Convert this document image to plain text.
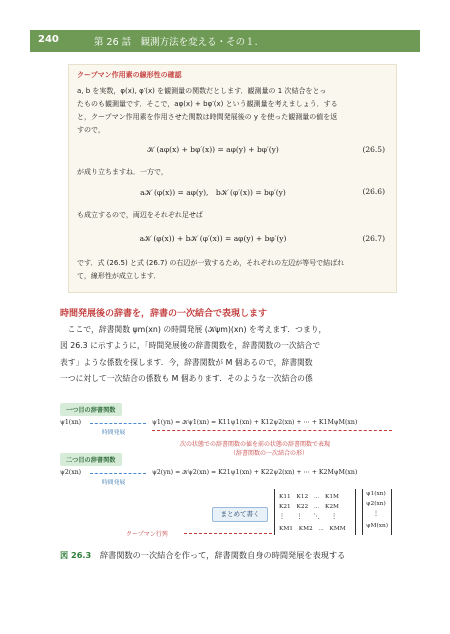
240	第 26 話　観測方法を変える・その１.

クープマン作用素の線形性の確認

a, b を実数，φ(x), φ′(x) を観測量の関数だとします．観測量の 1 次結合をとっ

たものも観測量です．そこで，aφ(x) + bφ′(x) という観測量を考えましょう．する

と，クープマン作用素を作用させた関数は時間発展後の y を使った観測量の値を返

すので，

𝒦 (aφ(x) + bφ′(x)) = aφ(y) + bφ′(y)	(26.5)

が成り立ちますね．一方で，

a𝒦 (φ(x)) = aφ(y),　b𝒦 (φ′(x)) = bφ′(y)	(26.6)

も成立するので，両辺をそれぞれ足せば

a𝒦 (φ(x)) + b𝒦 (φ′(x)) = aφ(y) + bφ′(y)	(26.7)

です．式 (26.5) と式 (26.7) の右辺が一致するため，それぞれの左辺が等号で結ばれ

て，線形性が成立します．

時間発展後の辞書を，辞書の一次結合で表現します
　ここで，辞書関数 ψm(xn) の時間発展 (𝒦ψm)(xn) を考えます．つまり，
図 26.3 に示すように，「時間発展後の辞書関数を，辞書関数の一次結合で
表す」ような係数を探します．今，辞書関数が M 個あるので，辞書関数
一つに対して一次結合の係数も M 個あります．そのような一次結合の係
一つ目の辞書関数
ψ1(xn)
時間発展
ψ1(yn) = 𝒦ψ1(xn) = K11ψ1(xn) + K12ψ2(xn) + ⋯ + K1MψM(xn)
次の状態での辞書関数の値を前の状態の辞書関数で表現
（辞書関数の一次結合の形）
二つ目の辞書関数
ψ2(xn)
時間発展
ψ2(yn) = 𝒦ψ2(xn) = K21ψ1(xn) + K22ψ2(xn) + ⋯ + K2MψM(xn)
まとめて書く
クープマン行列
K11　K12　⋯　K1M
K21　K22　⋯　K2M
⋮　　⋮　　⋱　　⋮
KM1　KM2　⋯　KMM
ψ1(xn)
ψ2(xn)
⋮
ψM(xn)
図 26.3 辞書関数の一次結合を作って，辞書関数自身の時間発展を表現する
